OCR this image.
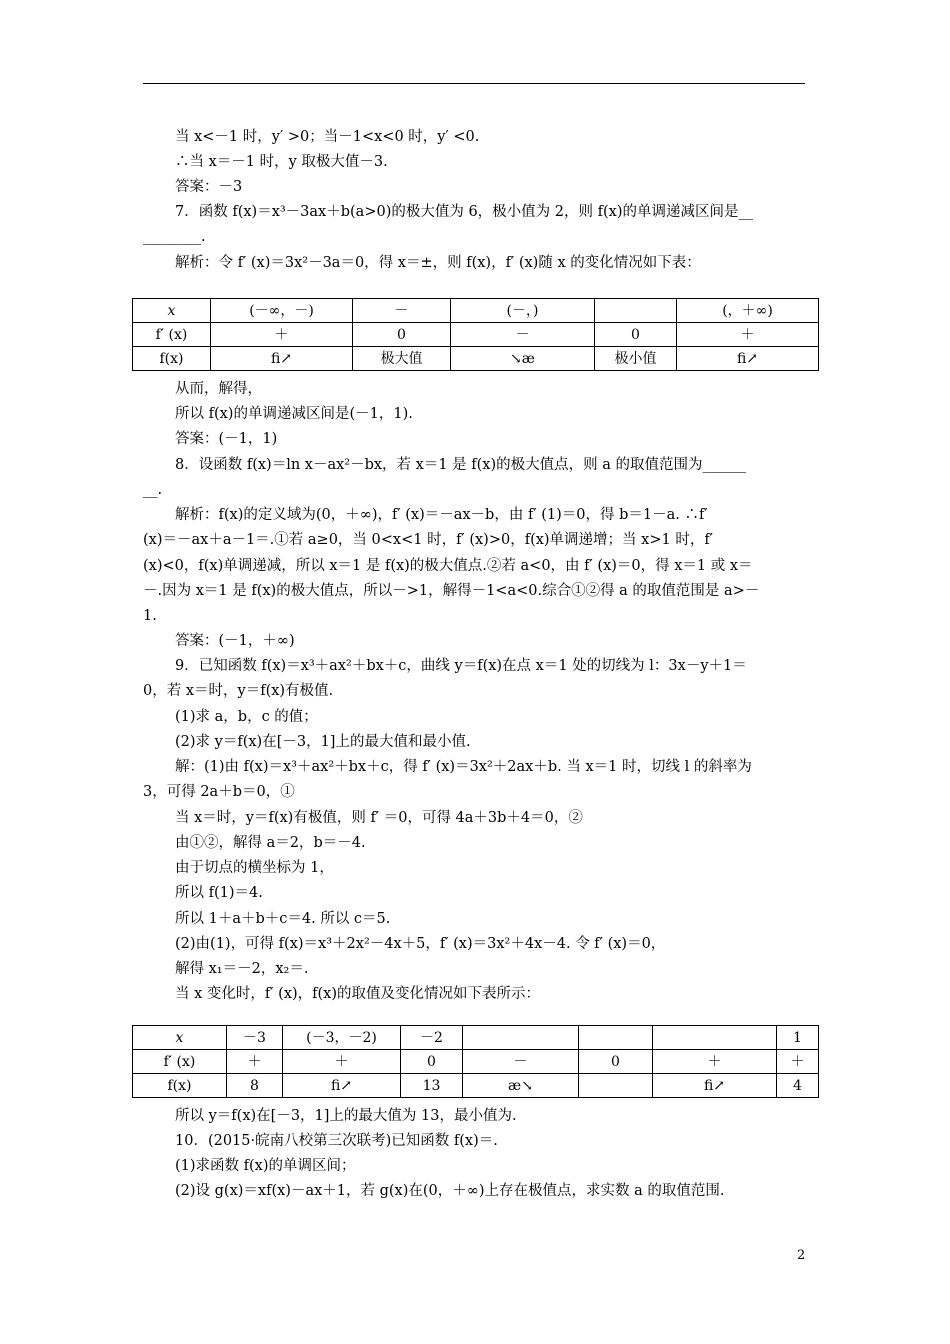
当 x<－1 时，y′ >0；当－1<x<0 时，y′ <0.
∴当 x＝－1 时，y 取极大值－3.
答案：－3
7．函数 f(x)＝x³－3ax＋b(a>0)的极大值为 6，极小值为 2，则 f(x)的单调递减区间是__
________.
解析：令 f′ (x)＝3x²－3a＝0，得 x＝±，则 f(x)，f′ (x)随 x 的变化情况如下表：
x	(－∞，－)	－	(－，)		(，＋∞)
f′ (x)	＋	0	－	0	＋
f(x)	ﬁ↗	极大值	↘æ	极小值	ﬁ↗
从而，解得，
所以 f(x)的单调递减区间是(－1，1).
答案：(－1，1)
8．设函数 f(x)＝ln x－ax²－bx，若 x＝1 是 f(x)的极大值点，则 a 的取值范围为______
__.
解析：f(x)的定义域为(0，＋∞)，f′ (x)＝－ax－b，由 f′ (1)＝0，得 b＝1－a. ∴f′
(x)＝－ax＋a－1＝.①若 a≥0，当 0<x<1 时，f′ (x)>0，f(x)单调递增；当 x>1 时，f′
(x)<0，f(x)单调递减，所以 x＝1 是 f(x)的极大值点.②若 a<0，由 f′ (x)＝0，得 x＝1 或 x＝
－.因为 x＝1 是 f(x)的极大值点，所以－>1，解得－1<a<0.综合①②得 a 的取值范围是 a>－
1.
答案：(－1，＋∞)
9．已知函数 f(x)＝x³＋ax²＋bx＋c，曲线 y＝f(x)在点 x＝1 处的切线为 l：3x－y＋1＝
0，若 x＝时，y＝f(x)有极值.
(1)求 a，b，c 的值；
(2)求 y＝f(x)在[－3，1]上的最大值和最小值.
解：(1)由 f(x)＝x³＋ax²＋bx＋c，得 f′ (x)＝3x²＋2ax＋b. 当 x＝1 时，切线 l 的斜率为
3，可得 2a＋b＝0，①
当 x＝时，y＝f(x)有极值，则 f′ ＝0，可得 4a＋3b＋4＝0，②
由①②，解得 a＝2，b＝－4.
由于切点的横坐标为 1，
所以 f(1)＝4.
所以 1＋a＋b＋c＝4. 所以 c＝5.
(2)由(1)，可得 f(x)＝x³＋2x²－4x＋5，f′ (x)＝3x²＋4x－4. 令 f′ (x)＝0，
解得 x₁＝－2，x₂＝.
当 x 变化时，f′ (x)，f(x)的取值及变化情况如下表所示：
x	－3	(－3，－2)	－2				1
f′ (x)	＋	＋	0	－	0	＋	＋
f(x)	8	ﬁ↗	13	æ↘		ﬁ↗	4
所以 y＝f(x)在[－3，1]上的最大值为 13，最小值为.
10．(2015·皖南八校第三次联考)已知函数 f(x)＝.
(1)求函数 f(x)的单调区间；
(2)设 g(x)＝xf(x)－ax＋1，若 g(x)在(0，＋∞)上存在极值点，求实数 a 的取值范围.
2
